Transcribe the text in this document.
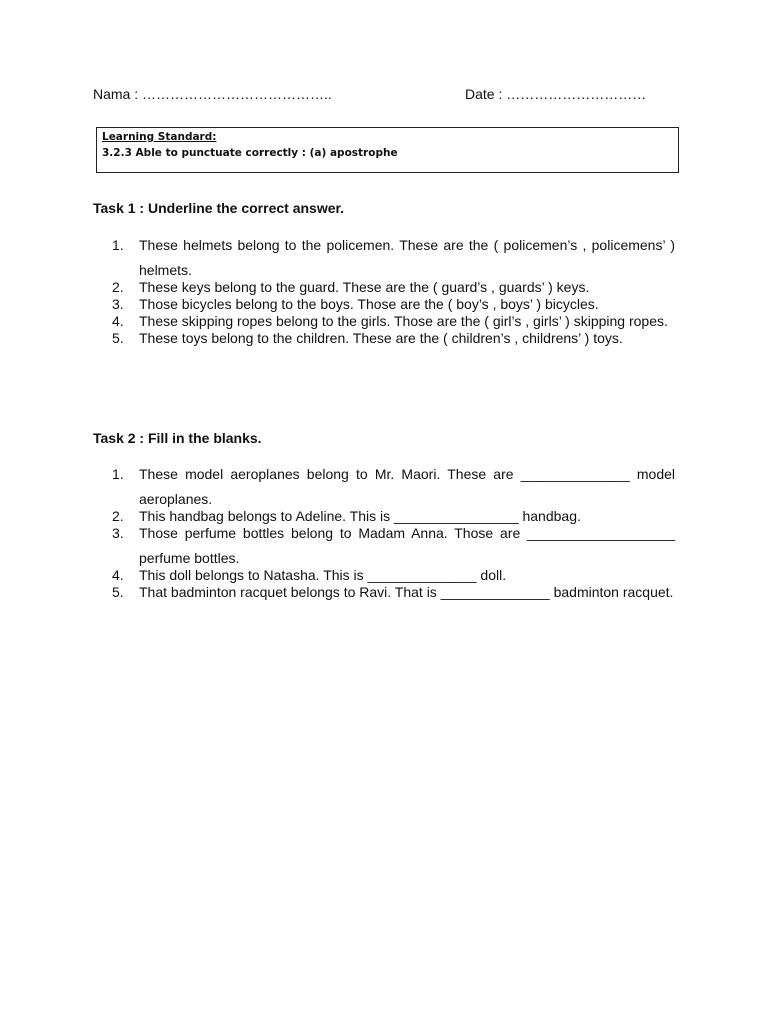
Nama : …………………………………..	Date : …………………………
Learning Standard:
3.2.3 Able to punctuate correctly : (a) apostrophe
Task 1 : Underline the correct answer.
1. These helmets belong to the policemen. These are the ( policemen’s , policemens’ ) helmets.
2. These keys belong to the guard. These are the ( guard’s , guards’ ) keys.
3. Those bicycles belong to the boys. Those are the ( boy’s , boys’ ) bicycles.
4. These skipping ropes belong to the girls. Those are the ( girl’s , girls’ ) skipping ropes.
5. These toys belong to the children. These are the ( children’s , childrens’ ) toys.
Task 2 : Fill in the blanks.
1. These model aeroplanes belong to Mr. Maori. These are ______________ model aeroplanes.
2. This handbag belongs to Adeline. This is ________________ handbag.
3. Those perfume bottles belong to Madam Anna. Those are ___________________ perfume bottles.
4. This doll belongs to Natasha. This is ______________ doll.
5. That badminton racquet belongs to Ravi. That is ______________ badminton racquet.
